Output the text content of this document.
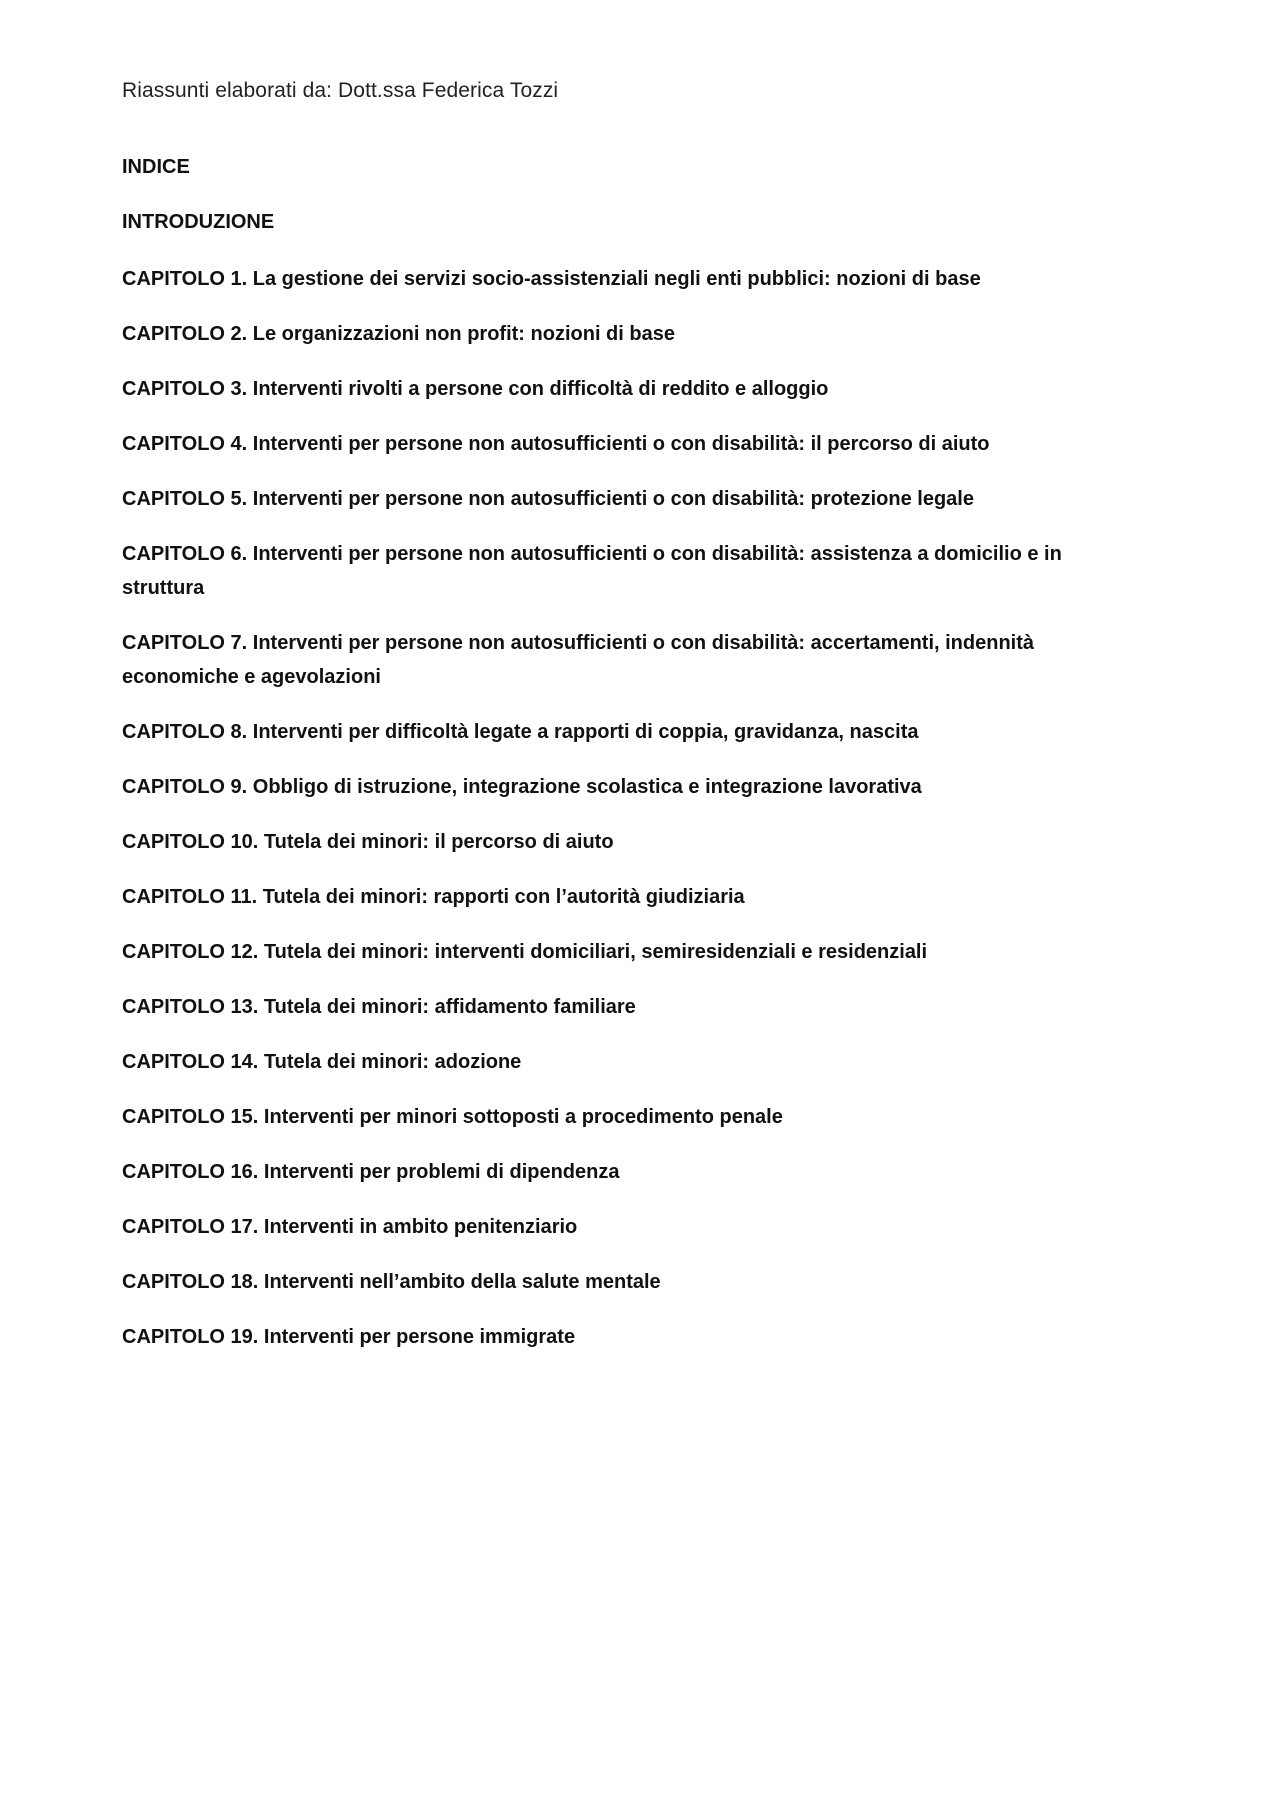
Riassunti elaborati da: Dott.ssa Federica Tozzi

INDICE

INTRODUZIONE

CAPITOLO 1. La gestione dei servizi socio-assistenziali negli enti pubblici: nozioni di base
CAPITOLO 2. Le organizzazioni non profit: nozioni di base
CAPITOLO 3. Interventi rivolti a persone con difficoltà di reddito e alloggio
CAPITOLO 4. Interventi per persone non autosufficienti o con disabilità: il percorso di aiuto
CAPITOLO 5. Interventi per persone non autosufficienti o con disabilità: protezione legale
CAPITOLO 6. Interventi per persone non autosufficienti o con disabilità: assistenza a domicilio e in struttura
CAPITOLO 7. Interventi per persone non autosufficienti o con disabilità: accertamenti, indennità economiche e agevolazioni
CAPITOLO 8. Interventi per difficoltà legate a rapporti di coppia, gravidanza, nascita
CAPITOLO 9. Obbligo di istruzione, integrazione scolastica e integrazione lavorativa
CAPITOLO 10. Tutela dei minori: il percorso di aiuto
CAPITOLO 11. Tutela dei minori: rapporti con l’autorità giudiziaria
CAPITOLO 12. Tutela dei minori: interventi domiciliari, semiresidenziali e residenziali
CAPITOLO 13. Tutela dei minori: affidamento familiare
CAPITOLO 14. Tutela dei minori: adozione
CAPITOLO 15. Interventi per minori sottoposti a procedimento penale
CAPITOLO 16. Interventi per problemi di dipendenza
CAPITOLO 17. Interventi in ambito penitenziario
CAPITOLO 18. Interventi nell’ambito della salute mentale
CAPITOLO 19. Interventi per persone immigrate
